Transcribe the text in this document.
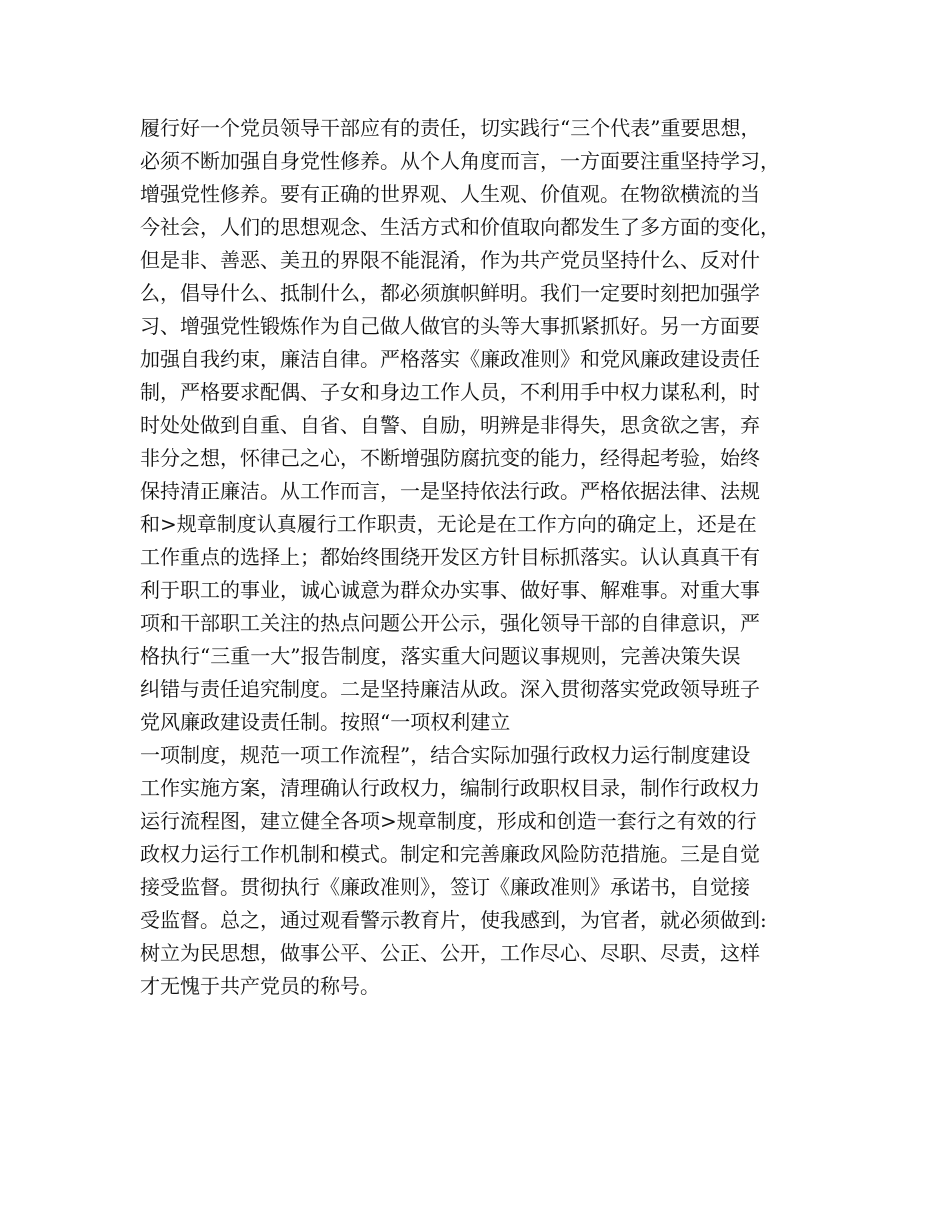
履行好一个党员领导干部应有的责任，切实践行“三个代表”重要思想，
必须不断加强自身党性修养。从个人角度而言，一方面要注重坚持学习，
增强党性修养。要有正确的世界观、人生观、价值观。在物欲横流的当
今社会，人们的思想观念、生活方式和价值取向都发生了多方面的变化，
但是非、善恶、美丑的界限不能混淆，作为共产党员坚持什么、反对什
么，倡导什么、抵制什么，都必须旗帜鲜明。我们一定要时刻把加强学
习、增强党性锻炼作为自己做人做官的头等大事抓紧抓好。另一方面要
加强自我约束，廉洁自律。严格落实《廉政准则》和党风廉政建设责任
制，严格要求配偶、子女和身边工作人员，不利用手中权力谋私利，时
时处处做到自重、自省、自警、自励，明辨是非得失，思贪欲之害，弃
非分之想，怀律己之心，不断增强防腐抗变的能力，经得起考验，始终
保持清正廉洁。从工作而言，一是坚持依法行政。严格依据法律、法规
和>规章制度认真履行工作职责，无论是在工作方向的确定上，还是在
工作重点的选择上；都始终围绕开发区方针目标抓落实。认认真真干有
利于职工的事业，诚心诚意为群众办实事、做好事、解难事。对重大事
项和干部职工关注的热点问题公开公示，强化领导干部的自律意识，严
格执行“三重一大”报告制度，落实重大问题议事规则，完善决策失误
纠错与责任追究制度。二是坚持廉洁从政。深入贯彻落实党政领导班子
党风廉政建设责任制。按照“一项权利建立
一项制度，规范一项工作流程”，结合实际加强行政权力运行制度建设
工作实施方案，清理确认行政权力，编制行政职权目录，制作行政权力
运行流程图，建立健全各项>规章制度，形成和创造一套行之有效的行
政权力运行工作机制和模式。制定和完善廉政风险防范措施。三是自觉
接受监督。贯彻执行《廉政准则》，签订《廉政准则》承诺书，自觉接
受监督。总之，通过观看警示教育片，使我感到，为官者，就必须做到:
树立为民思想，做事公平、公正、公开，工作尽心、尽职、尽责，这样
才无愧于共产党员的称号。
